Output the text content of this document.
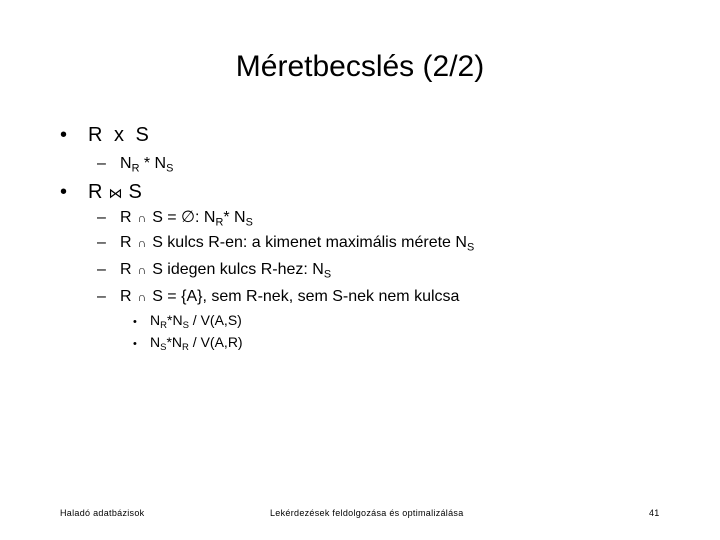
Méretbecslés (2/2)
• R x S
– $N_R * N_S$
• R ⋈ S
– R ∩ S = ∅: $N_R*$ $N_S$
– R ∩ S kulcs R-en: a kimenet maximális mérete $N_S$
– R ∩ S idegen kulcs R-hez: $N_S$
– R ∩ S = {A}, sem R-nek, sem S-nek nem kulcsa
• $N_R*N_S / V(A,S)$
• $N_S*N_R / V(A,R)$
Haladó adatbázisok	Lekérdezések feldolgozása és optimalizálása	41
